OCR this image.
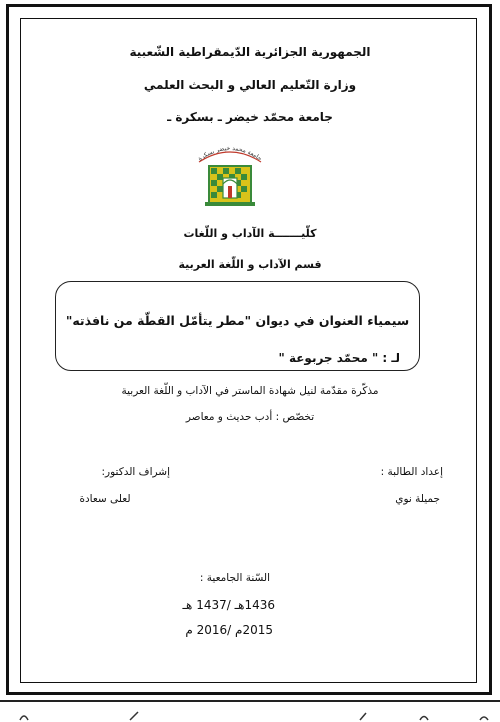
الجمهورية الجزائرية الدّيمقراطية الشّعبية
وزارة التّعليم العالي و البحث العلمي
جامعة محمّد خيضر ـ بسكرة ـ
جامعة محمد خيضر بسكرة
كلّيـــــــة الآداب و اللّغات
قسم الآداب و اللّغة العربية
سيمياء العنوان في ديوان "مطر يتأمّل القطّة من نافذته"
لـ : " محمّد جربوعة "
مذكّرة مقدّمة لنيل شهادة الماستر في الآداب و اللّغة العربية
تخصّص : أدب حديث و معاصر
إعداد الطالبة :
جميلة نوي
إشراف الدكتور:
لعلى سعادة
السّنة الجامعية :
1436هـ /1437 هـ
2015م /2016 م
